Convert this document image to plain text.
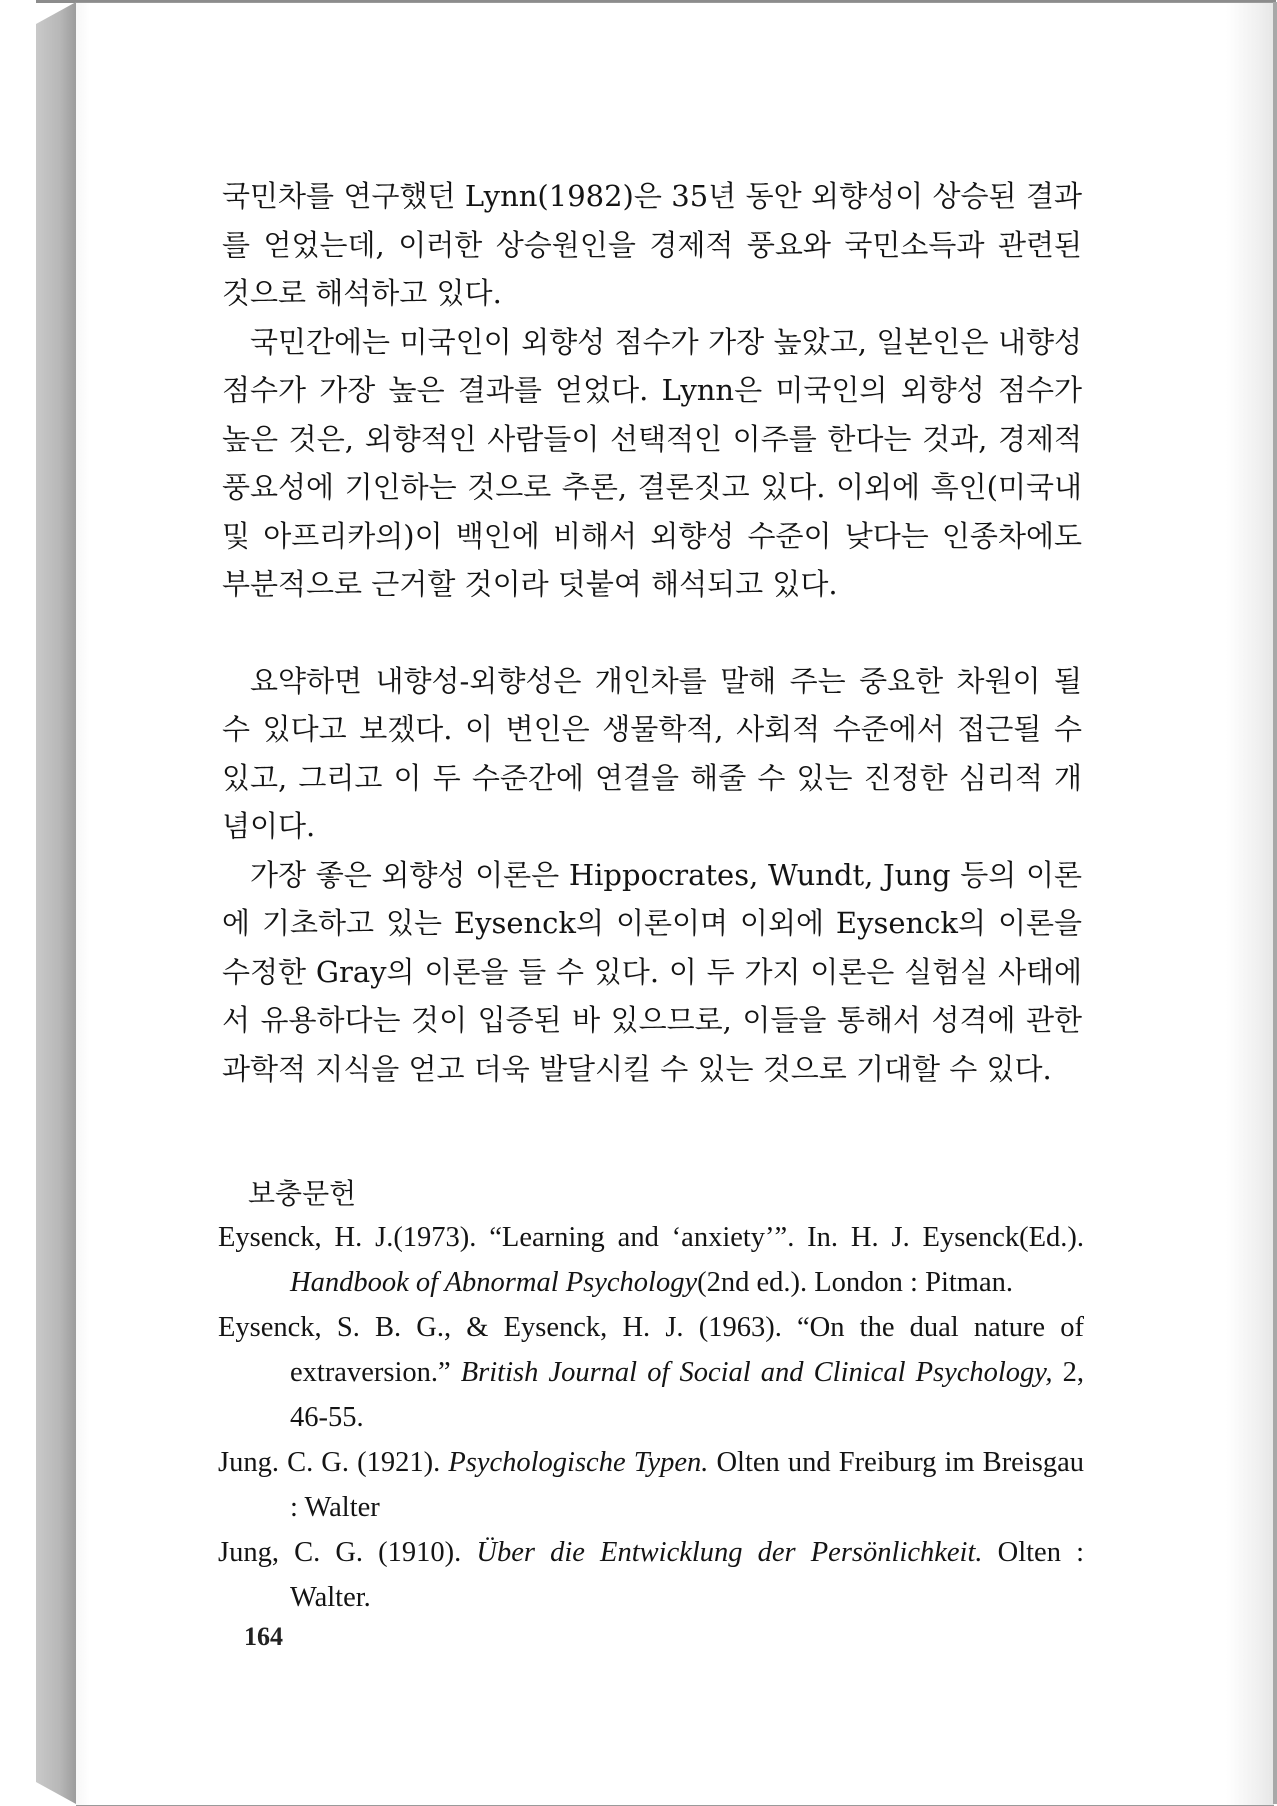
국민차를 연구했던 Lynn(1982)은 35년 동안 외향성이 상승된 결과를 얻었는데, 이러한 상승원인을 경제적 풍요와 국민소득과 관련된 것으로 해석하고 있다.

국민간에는 미국인이 외향성 점수가 가장 높았고, 일본인은 내향성 점수가 가장 높은 결과를 얻었다. Lynn은 미국인의 외향성 점수가 높은 것은, 외향적인 사람들이 선택적인 이주를 한다는 것과, 경제적 풍요성에 기인하는 것으로 추론, 결론짓고 있다. 이외에 흑인(미국내 및 아프리카의)이 백인에 비해서 외향성 수준이 낮다는 인종차에도 부분적으로 근거할 것이라 덧붙여 해석되고 있다.

요약하면 내향성-외향성은 개인차를 말해 주는 중요한 차원이 될 수 있다고 보겠다. 이 변인은 생물학적, 사회적 수준에서 접근될 수 있고, 그리고 이 두 수준간에 연결을 해줄 수 있는 진정한 심리적 개념이다.

가장 좋은 외향성 이론은 Hippocrates, Wundt, Jung 등의 이론에 기초하고 있는 Eysenck의 이론이며 이외에 Eysenck의 이론을 수정한 Gray의 이론을 들 수 있다. 이 두 가지 이론은 실험실 사태에서 유용하다는 것이 입증된 바 있으므로, 이들을 통해서 성격에 관한 과학적 지식을 얻고 더욱 발달시킬 수 있는 것으로 기대할 수 있다.

보충문헌

Eysenck, H. J.(1973). “Learning and ‘anxiety’”. In. H. J. Eysenck(Ed.). Handbook of Abnormal Psychology(2nd ed.). London : Pitman.
Eysenck, S. B. G., & Eysenck, H. J. (1963). “On the dual nature of extraversion.” British Journal of Social and Clinical Psychology, 2, 46-55.
Jung. C. G. (1921). Psychologische Typen. Olten und Freiburg im Breisgau : Walter
Jung, C. G. (1910). Über die Entwicklung der Persönlichkeit. Olten : Walter.
164
